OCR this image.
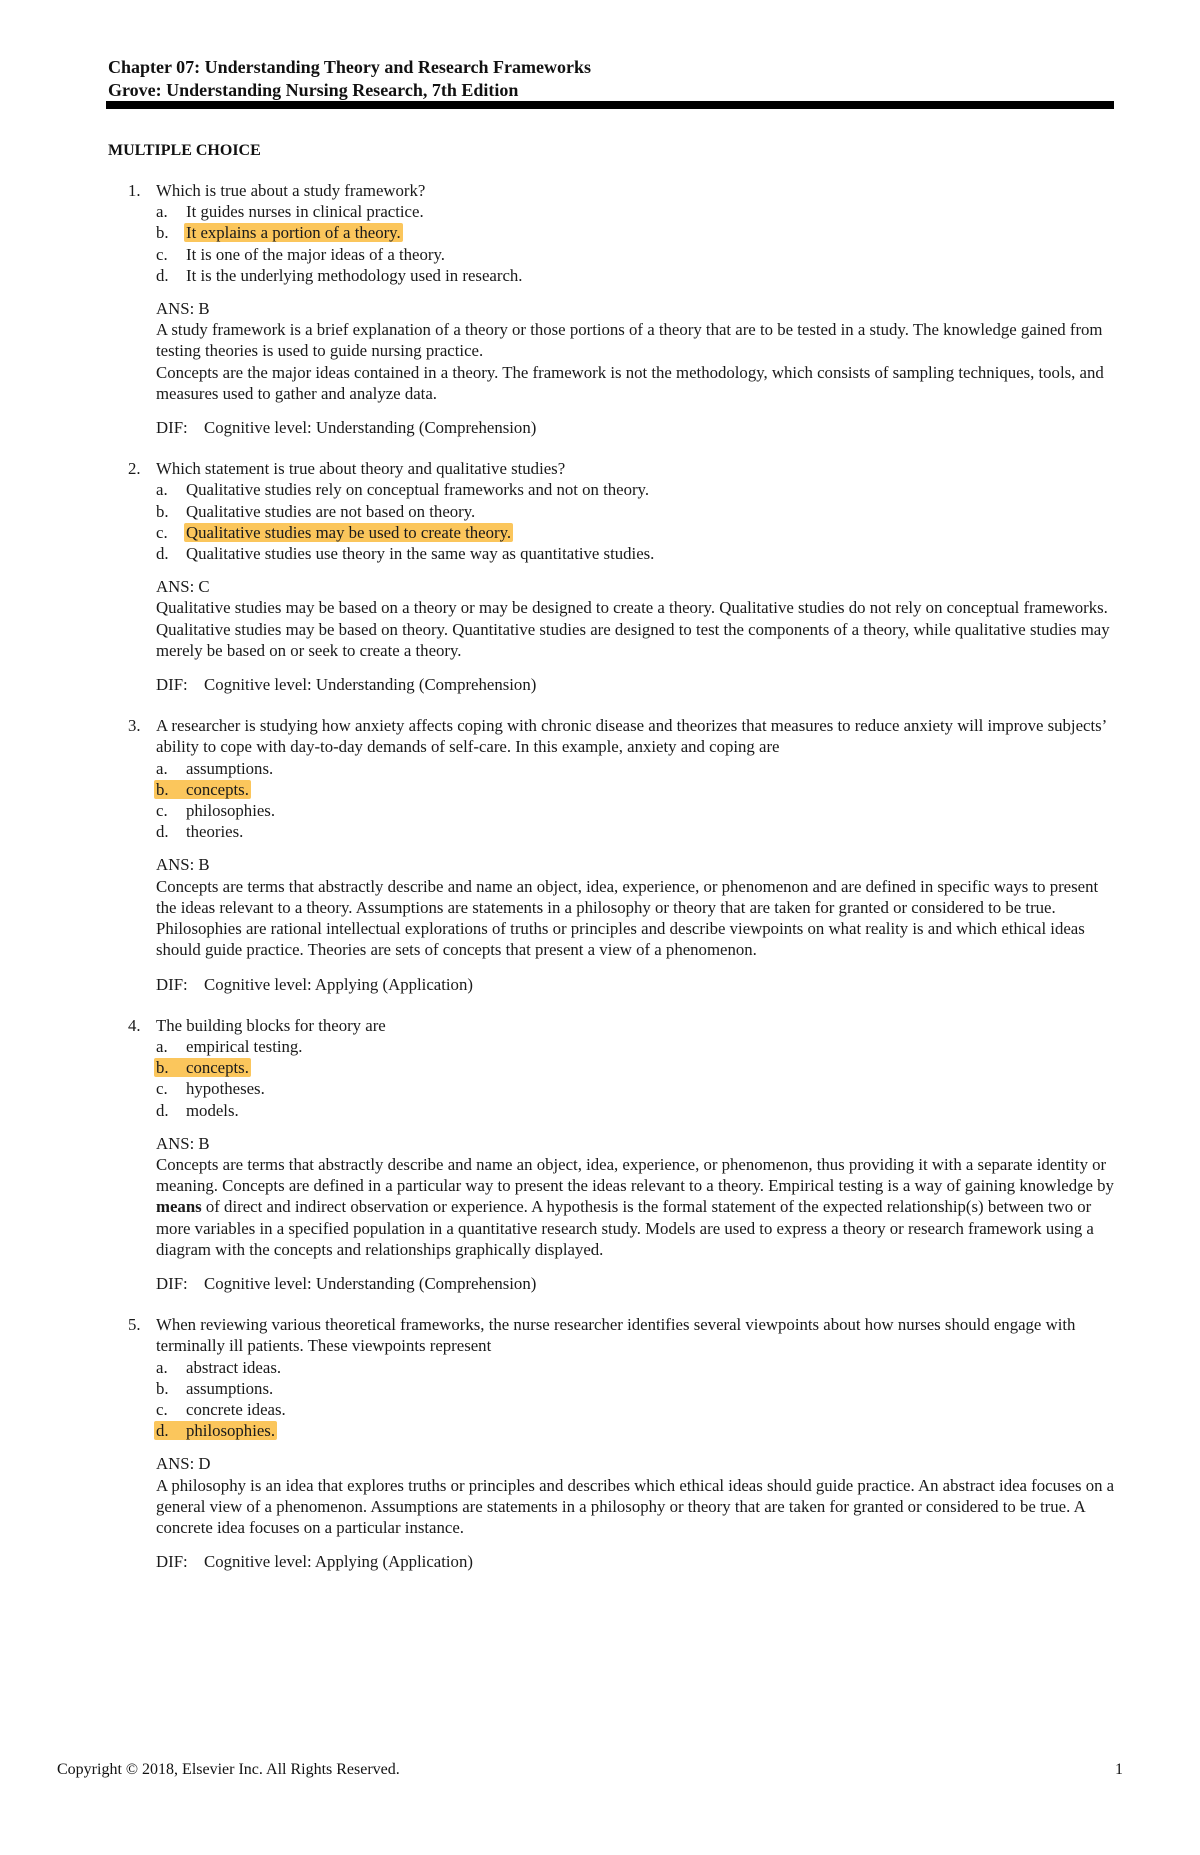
Chapter 07: Understanding Theory and Research Frameworks
Grove: Understanding Nursing Research, 7th Edition
MULTIPLE CHOICE
1. Which is true about a study framework?
a. It guides nurses in clinical practice.
b. It explains a portion of a theory.
c. It is one of the major ideas of a theory.
d. It is the underlying methodology used in research.
ANS: B
A study framework is a brief explanation of a theory or those portions of a theory that are to be tested in a study. The knowledge gained from testing theories is used to guide nursing practice.
Concepts are the major ideas contained in a theory. The framework is not the methodology, which consists of sampling techniques, tools, and measures used to gather and analyze data.
DIF: Cognitive level: Understanding (Comprehension)
2. Which statement is true about theory and qualitative studies?
a. Qualitative studies rely on conceptual frameworks and not on theory.
b. Qualitative studies are not based on theory.
c. Qualitative studies may be used to create theory.
d. Qualitative studies use theory in the same way as quantitative studies.
ANS: C
Qualitative studies may be based on a theory or may be designed to create a theory. Qualitative studies do not rely on conceptual frameworks. Qualitative studies may be based on theory. Quantitative studies are designed to test the components of a theory, while qualitative studies may merely be based on or seek to create a theory.
DIF: Cognitive level: Understanding (Comprehension)
3. A researcher is studying how anxiety affects coping with chronic disease and theorizes that measures to reduce anxiety will improve subjects’ ability to cope with day-to-day demands of self-care. In this example, anxiety and coping are
a. assumptions.
b. concepts.
c. philosophies.
d. theories.
ANS: B
Concepts are terms that abstractly describe and name an object, idea, experience, or phenomenon and are defined in specific ways to present the ideas relevant to a theory. Assumptions are statements in a philosophy or theory that are taken for granted or considered to be true. Philosophies are rational intellectual explorations of truths or principles and describe viewpoints on what reality is and which ethical ideas should guide practice. Theories are sets of concepts that present a view of a phenomenon.
DIF: Cognitive level: Applying (Application)
4. The building blocks for theory are
a. empirical testing.
b. concepts.
c. hypotheses.
d. models.
ANS: B
Concepts are terms that abstractly describe and name an object, idea, experience, or phenomenon, thus providing it with a separate identity or meaning. Concepts are defined in a particular way to present the ideas relevant to a theory. Empirical testing is a way of gaining knowledge by means of direct and indirect observation or experience. A hypothesis is the formal statement of the expected relationship(s) between two or more variables in a specified population in a quantitative research study. Models are used to express a theory or research framework using a diagram with the concepts and relationships graphically displayed.
DIF: Cognitive level: Understanding (Comprehension)
5. When reviewing various theoretical frameworks, the nurse researcher identifies several viewpoints about how nurses should engage with terminally ill patients. These viewpoints represent
a. abstract ideas.
b. assumptions.
c. concrete ideas.
d. philosophies.
ANS: D
A philosophy is an idea that explores truths or principles and describes which ethical ideas should guide practice. An abstract idea focuses on a general view of a phenomenon. Assumptions are statements in a philosophy or theory that are taken for granted or considered to be true. A concrete idea focuses on a particular instance.
DIF: Cognitive level: Applying (Application)
Copyright © 2018, Elsevier Inc. All Rights Reserved.	1
